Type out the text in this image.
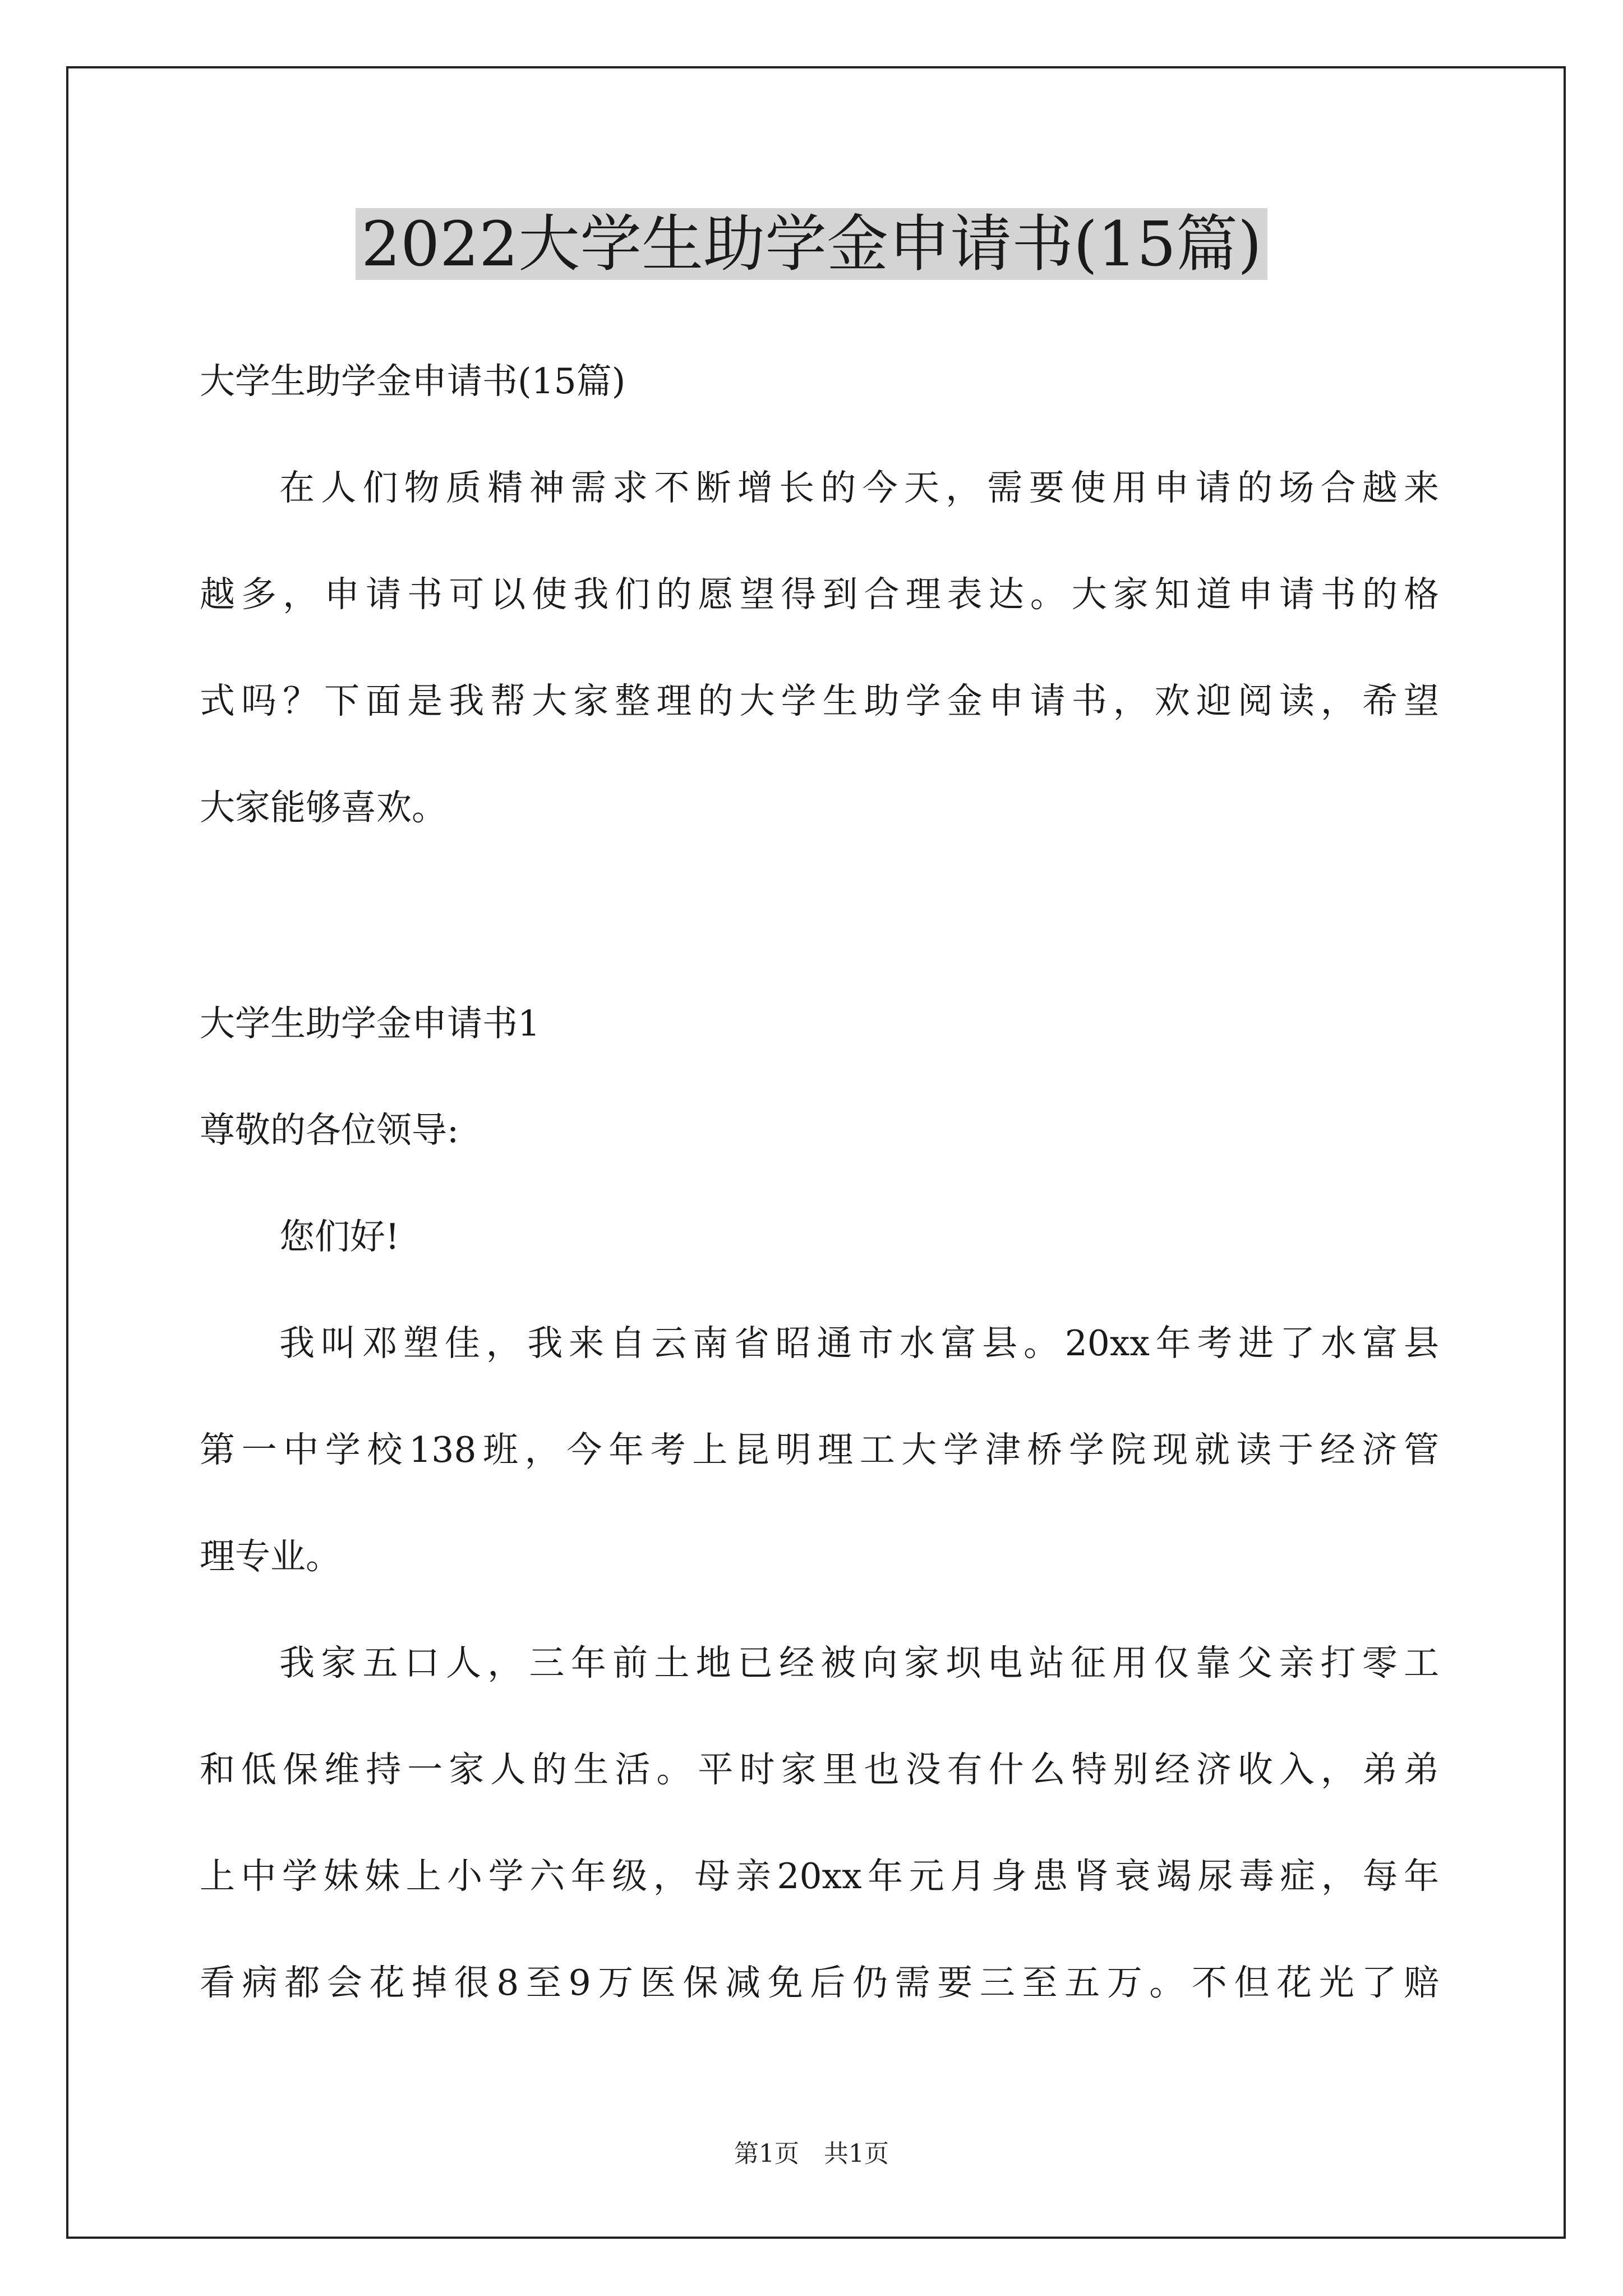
2022大学生助学金申请书(15篇)

大学生助学金申请书(15篇)

在人们物质精神需求不断增长的今天，需要使用申请的场合越来

越多，申请书可以使我们的愿望得到合理表达。大家知道申请书的格

式吗？下面是我帮大家整理的大学生助学金申请书，欢迎阅读，希望

大家能够喜欢。

大学生助学金申请书1

尊敬的各位领导:

您们好!

我叫邓塑佳，我来自云南省昭通市水富县。20xx年考进了水富县

第一中学校138班，今年考上昆明理工大学津桥学院现就读于经济管

理专业。

我家五口人，三年前土地已经被向家坝电站征用仅靠父亲打零工

和低保维持一家人的生活。平时家里也没有什么特别经济收入，弟弟

上中学妹妹上小学六年级，母亲20xx年元月身患肾衰竭尿毒症，每年

看病都会花掉很8至9万医保减免后仍需要三至五万。不但花光了赔

第1页　共1页
